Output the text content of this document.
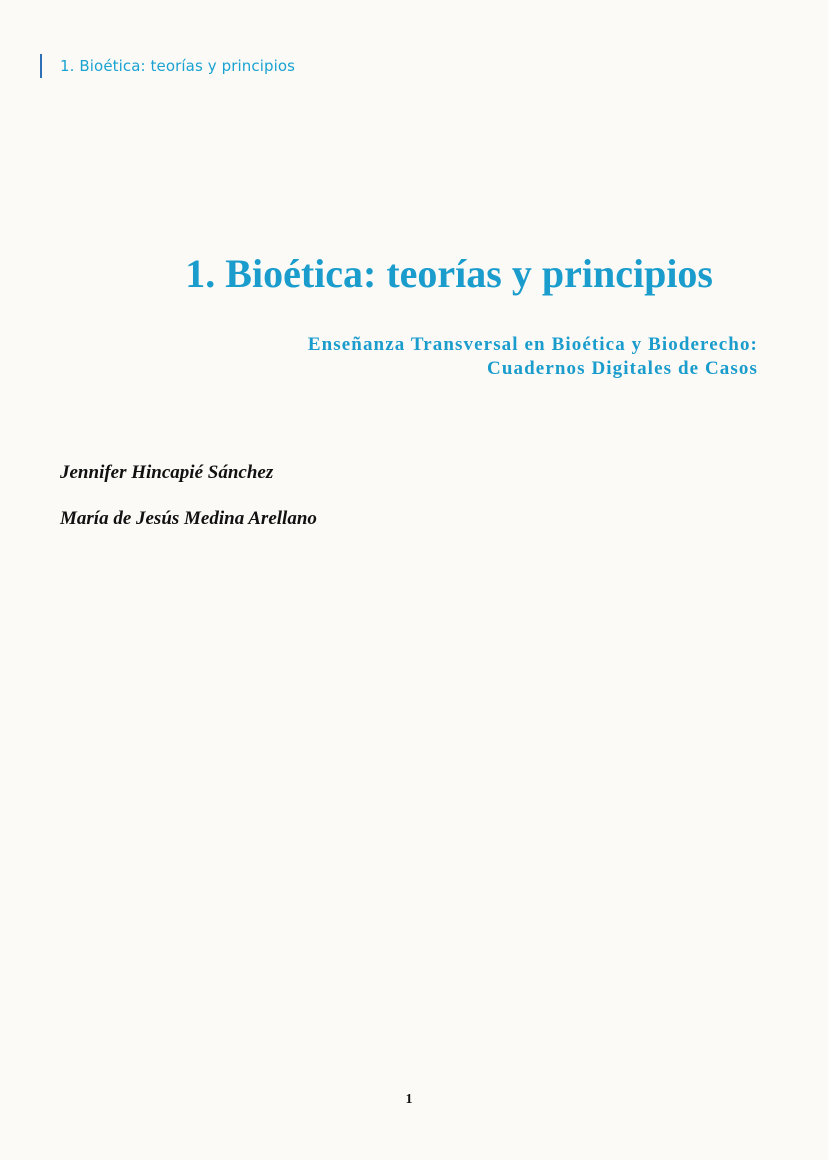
1. Bioética: teorías y principios
1. Bioética: teorías y principios
Enseñanza Transversal en Bioética y Bioderecho:
Cuadernos Digitales de Casos

Jennifer Hincapié Sánchez

María de Jesús Medina Arellano

1
